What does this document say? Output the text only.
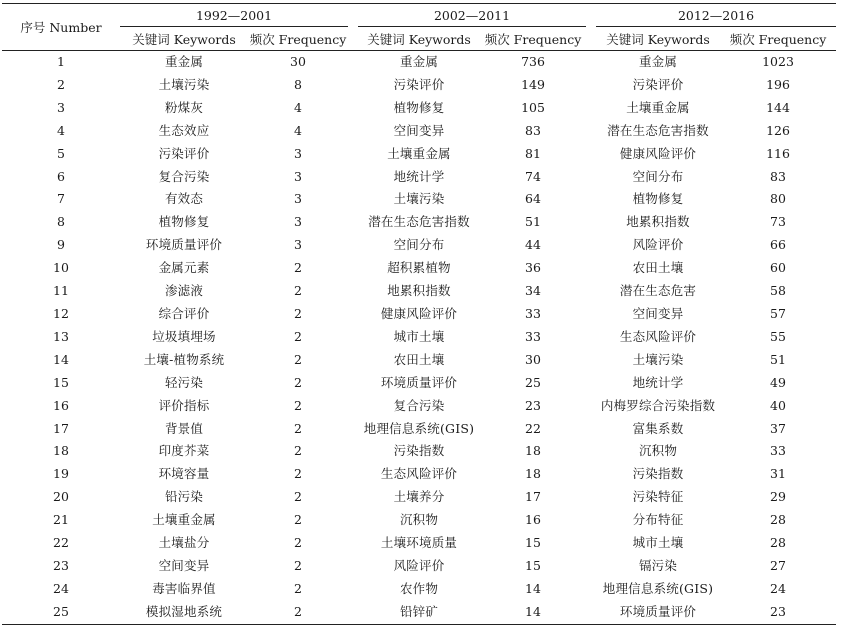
序号 Number	1992—2001			2002—2011			2012—2016	
	关键词 Keywords	频次 Frequency		关键词 Keywords	频次 Frequency		关键词 Keywords	频次 Frequency
1	重金属	30		重金属	736		重金属	1023
2	土壤污染	8		污染评价	149		污染评价	196
3	粉煤灰	4		植物修复	105		土壤重金属	144
4	生态效应	4		空间变异	83		潜在生态危害指数	126
5	污染评价	3		土壤重金属	81		健康风险评价	116
6	复合污染	3		地统计学	74		空间分布	83
7	有效态	3		土壤污染	64		植物修复	80
8	植物修复	3		潜在生态危害指数	51		地累积指数	73
9	环境质量评价	3		空间分布	44		风险评价	66
10	金属元素	2		超积累植物	36		农田土壤	60
11	渗滤液	2		地累积指数	34		潜在生态危害	58
12	综合评价	2		健康风险评价	33		空间变异	57
13	垃圾填埋场	2		城市土壤	33		生态风险评价	55
14	土壤-植物系统	2		农田土壤	30		土壤污染	51
15	轻污染	2		环境质量评价	25		地统计学	49
16	评价指标	2		复合污染	23		内梅罗综合污染指数	40
17	背景值	2		地理信息系统(GIS)	22		富集系数	37
18	印度芥菜	2		污染指数	18		沉积物	33
19	环境容量	2		生态风险评价	18		污染指数	31
20	铅污染	2		土壤养分	17		污染特征	29
21	土壤重金属	2		沉积物	16		分布特征	28
22	土壤盐分	2		土壤环境质量	15		城市土壤	28
23	空间变异	2		风险评价	15		镉污染	27
24	毒害临界值	2		农作物	14		地理信息系统(GIS)	24
25	模拟湿地系统	2		铅锌矿	14		环境质量评价	23
